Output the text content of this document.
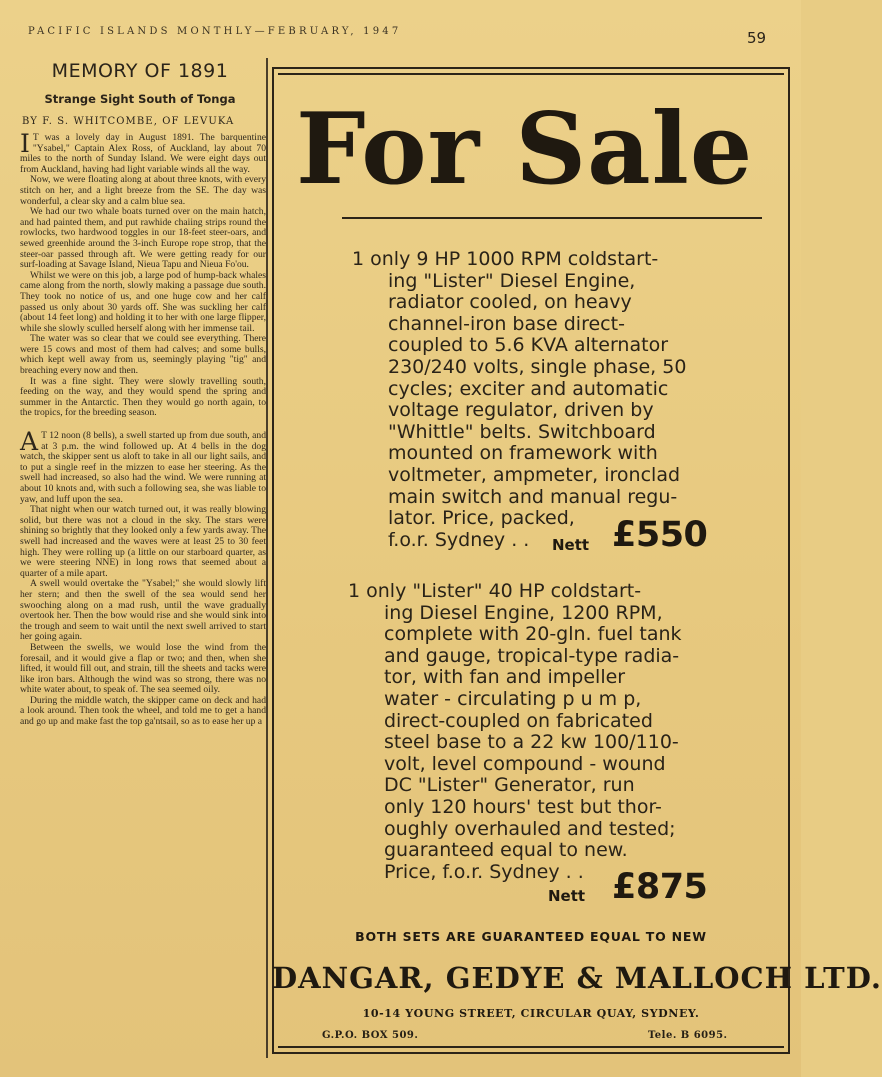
PACIFIC ISLANDS MONTHLY—FEBRUARY, 1947	59
MEMORY OF 1891
Strange Sight South of Tonga
BY F. S. WHITCOMBE, OF LEVUKA

IT was a lovely day in August 1891. The barquentine "Ysabel," Captain Alex Ross, of Auckland, lay about 70 miles to the north of Sunday Island. We were eight days out from Auckland, having had light variable winds all the way.

Now, we were floating along at about three knots, with every stitch on her, and a light breeze from the SE. The day was wonderful, a clear sky and a calm blue sea.

We had our two whale boats turned over on the main hatch, and had painted them, and put rawhide chaiing strips round the rowlocks, two hardwood toggles in our 18-feet steer-oars, and sewed greenhide around the 3-inch Europe rope strop, that the steer-oar passed through aft. We were getting ready for our surf-loading at Savage Island, Nieua Tapu and Nieua Fo'ou.

Whilst we were on this job, a large pod of hump-back whales came along from the north, slowly making a passage due south. They took no notice of us, and one huge cow and her calf passed us only about 30 yards off. She was suckling her calf (about 14 feet long) and holding it to her with one large flipper, while she slowly sculled herself along with her immense tail.

The water was so clear that we could see everything. There were 15 cows and most of them had calves; and some bulls, which kept well away from us, seemingly playing "tig" and breaching every now and then.

It was a fine sight. They were slowly travelling south, feeding on the way, and they would spend the spring and summer in the Antarctic. Then they would go north again, to the tropics, for the breeding season.

AT 12 noon (8 bells), a swell started up from due south, and at 3 p.m. the wind followed up. At 4 bells in the dog watch, the skipper sent us aloft to take in all our light sails, and to put a single reef in the mizzen to ease her steering. As the swell had increased, so also had the wind. We were running at about 10 knots and, with such a following sea, she was liable to yaw, and luff upon the sea.

That night when our watch turned out, it was really blowing solid, but there was not a cloud in the sky. The stars were shining so brightly that they looked only a few yards away. The swell had increased and the waves were at least 25 to 30 feet high. They were rolling up (a little on our starboard quarter, as we were steering NNE) in long rows that seemed about a quarter of a mile apart.

A swell would overtake the "Ysabel;" she would slowly lift her stern; and then the swell of the sea would send her swooching along on a mad rush, until the wave gradually overtook her. Then the bow would rise and she would sink into the trough and seem to wait until the next swell arrived to start her going again.

Between the swells, we would lose the wind from the foresail, and it would give a flap or two; and then, when she lifted, it would fill out, and strain, till the sheets and tacks were like iron bars. Although the wind was so strong, there was no white water about, to speak of. The sea seemed oily.

During the middle watch, the skipper came on deck and had a look around. Then took the wheel, and told me to get a hand and go up and make fast the top ga'ntsail, so as to ease her up a

For Sale
1 only 9 HP 1000 RPM coldstart-
ing "Lister" Diesel Engine,
radiator cooled, on heavy
channel-iron base direct-
coupled to 5.6 KVA alternator
230/240 volts, single phase, 50
cycles; exciter and automatic
voltage regulator, driven by
"Whittle" belts. Switchboard
mounted on framework with
voltmeter, ampmeter, ironclad
main switch and manual regu-
lator. Price, packed,
f.o.r. Sydney . .	Nett £550
1 only "Lister" 40 HP coldstart-
ing Diesel Engine, 1200 RPM,
complete with 20-gln. fuel tank
and gauge, tropical-type radia-
tor, with fan and impeller
water - circulating p u m p,
direct-coupled on fabricated
steel base to a 22 kw 100/110-
volt, level compound - wound
DC "Lister" Generator, run
only 120 hours' test but thor-
oughly overhauled and tested;
guaranteed equal to new.
Price, f.o.r. Sydney . .
Nett £875
BOTH SETS ARE GUARANTEED EQUAL TO NEW
DANGAR, GEDYE & MALLOCH LTD.
10-14 YOUNG STREET, CIRCULAR QUAY, SYDNEY.
G.P.O. BOX 509.	Tele. B 6095.
